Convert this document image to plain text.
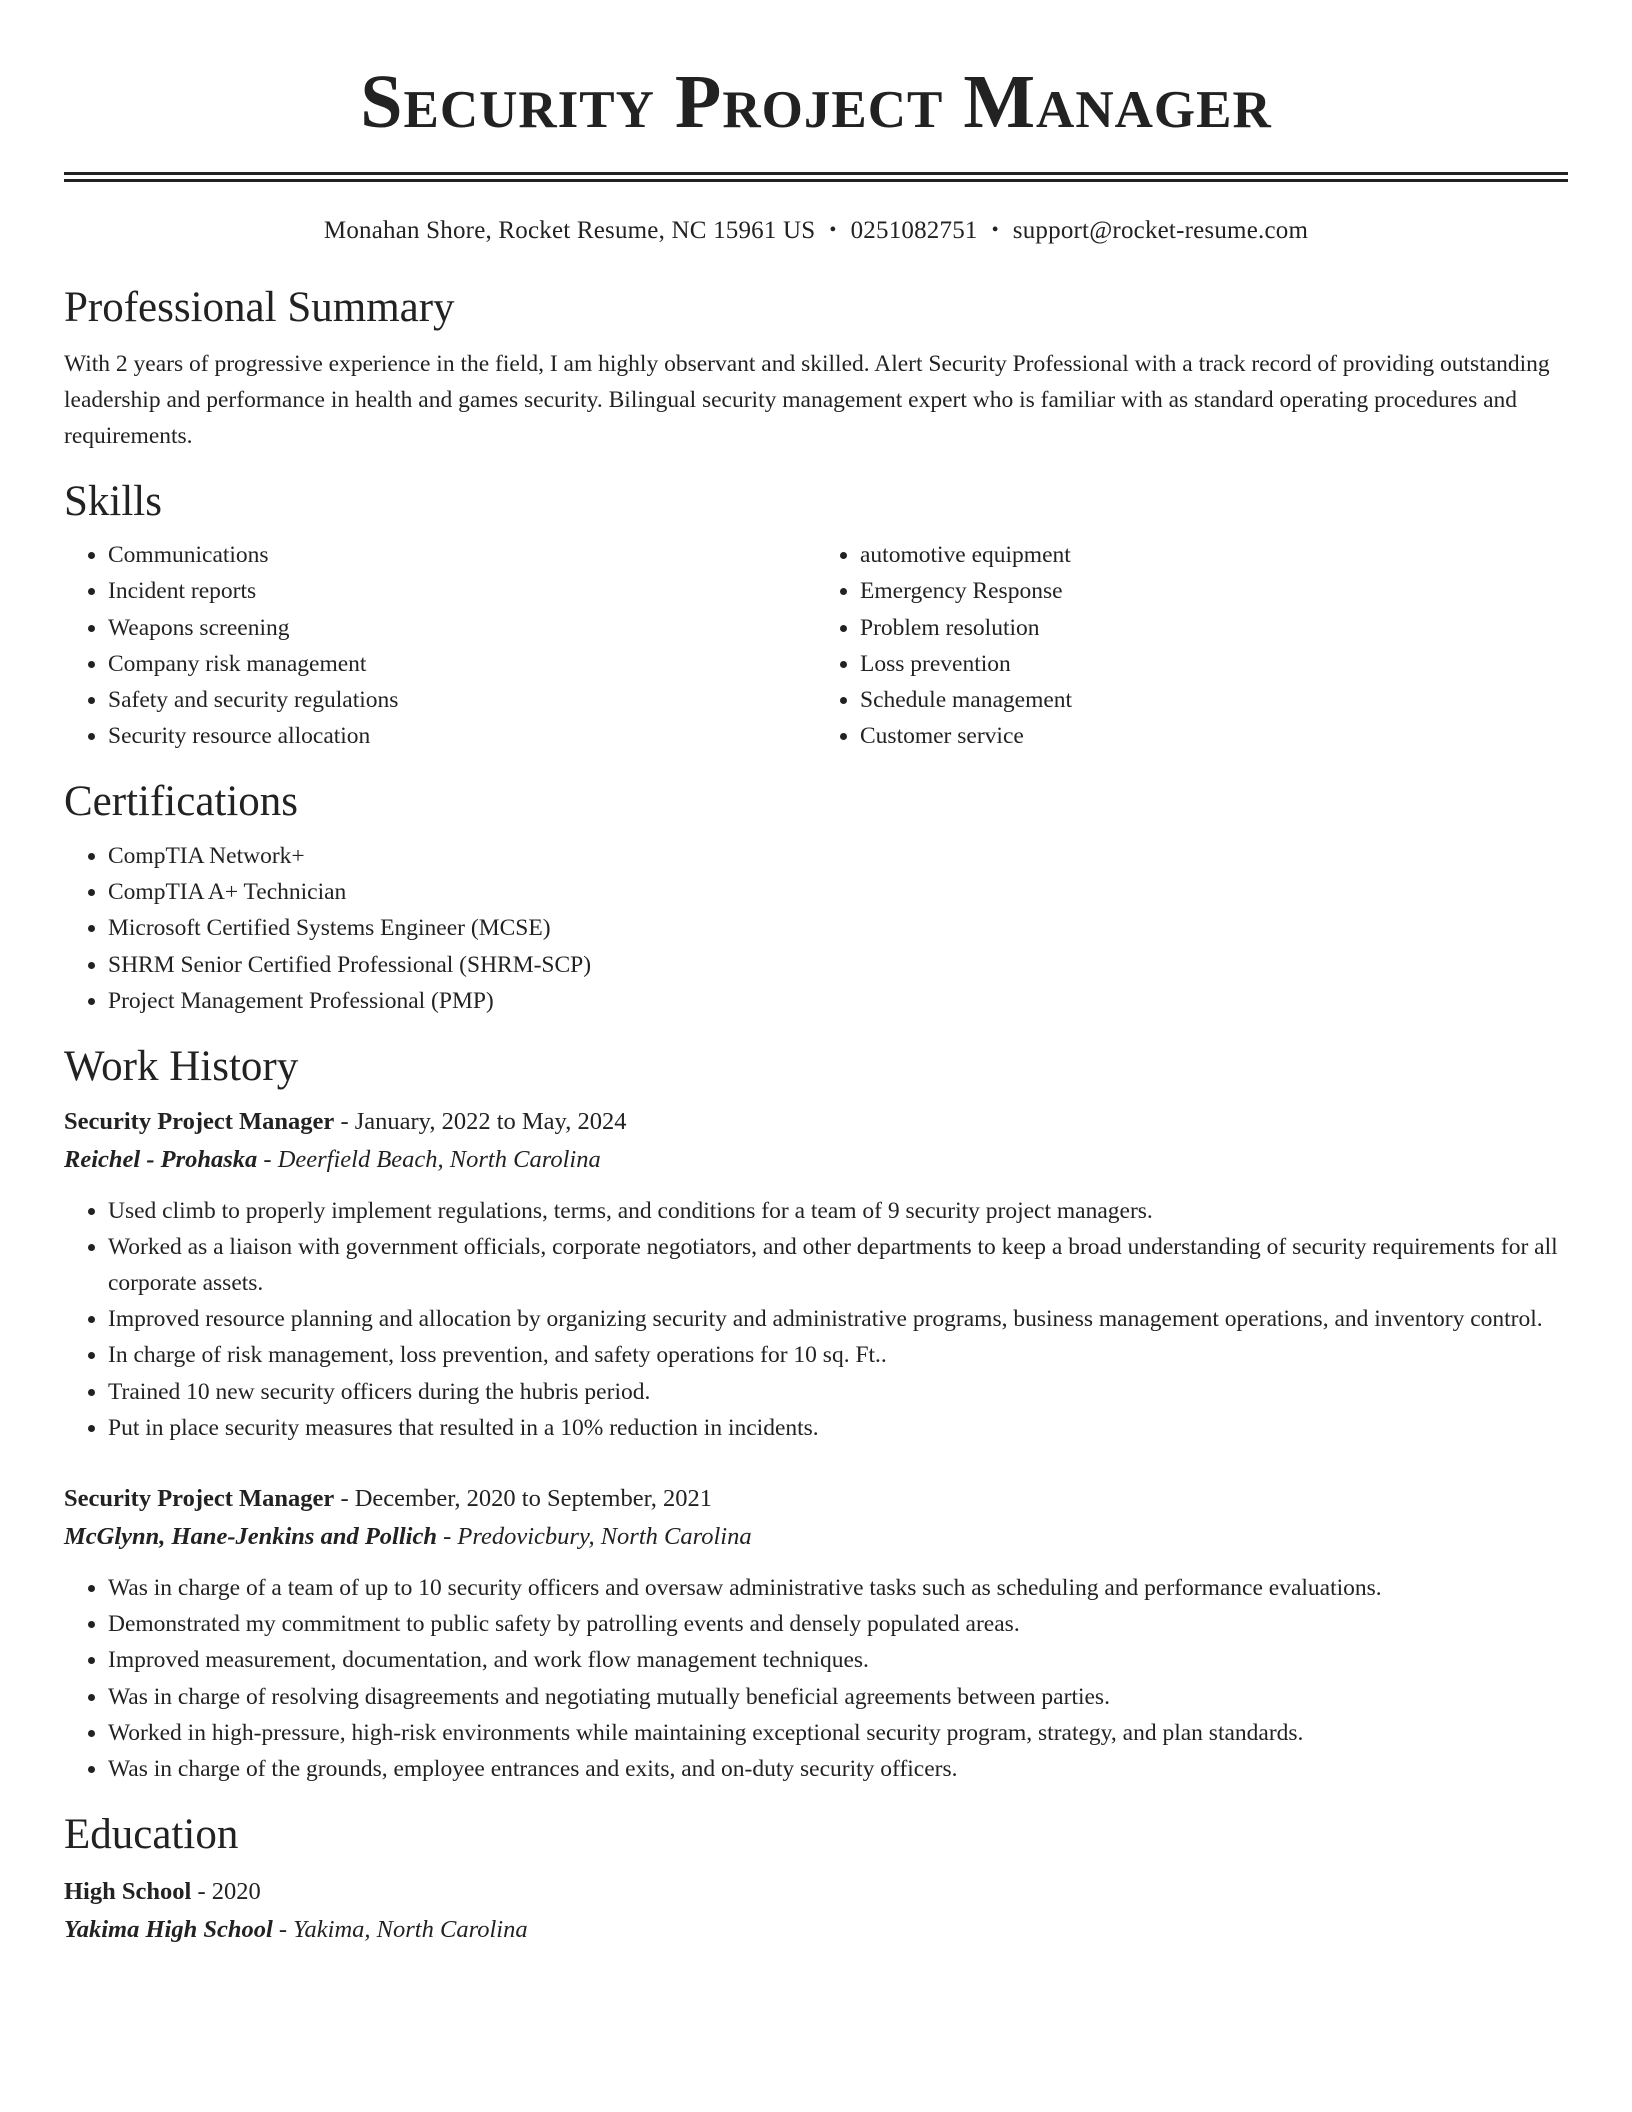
Security Project Manager
Monahan Shore, Rocket Resume, NC 15961 US • 0251082751 • support@rocket-resume.com
Professional Summary

With 2 years of progressive experience in the field, I am highly observant and skilled. Alert Security Professional with a track record of providing outstanding leadership and performance in health and games security. Bilingual security management expert who is familiar with as standard operating procedures and requirements.

Skills
• Communications
• Incident reports
• Weapons screening
• Company risk management
• Safety and security regulations
• Security resource allocation
• automotive equipment
• Emergency Response
• Problem resolution
• Loss prevention
• Schedule management
• Customer service
Certifications
• CompTIA Network+
• CompTIA A+ Technician
• Microsoft Certified Systems Engineer (MCSE)
• SHRM Senior Certified Professional (SHRM-SCP)
• Project Management Professional (PMP)
Work History

Security Project Manager - January, 2022 to May, 2024

Reichel - Prohaska - Deerfield Beach, North Carolina

• Used climb to properly implement regulations, terms, and conditions for a team of 9 security project managers.
• Worked as a liaison with government officials, corporate negotiators, and other departments to keep a broad understanding of security requirements for all corporate assets.
• Improved resource planning and allocation by organizing security and administrative programs, business management operations, and inventory control.
• In charge of risk management, loss prevention, and safety operations for 10 sq. Ft..
• Trained 10 new security officers during the hubris period.
• Put in place security measures that resulted in a 10% reduction in incidents.

Security Project Manager - December, 2020 to September, 2021

McGlynn, Hane-Jenkins and Pollich - Predovicbury, North Carolina

• Was in charge of a team of up to 10 security officers and oversaw administrative tasks such as scheduling and performance evaluations.
• Demonstrated my commitment to public safety by patrolling events and densely populated areas.
• Improved measurement, documentation, and work flow management techniques.
• Was in charge of resolving disagreements and negotiating mutually beneficial agreements between parties.
• Worked in high-pressure, high-risk environments while maintaining exceptional security program, strategy, and plan standards.
• Was in charge of the grounds, employee entrances and exits, and on-duty security officers.
Education

High School - 2020

Yakima High School - Yakima, North Carolina
